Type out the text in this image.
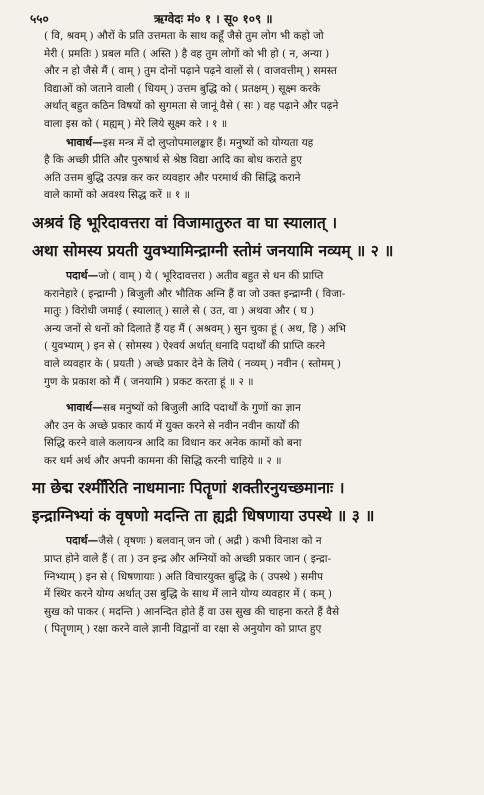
५५०	ऋग्वेदः मं० १ । सू० १०९ ॥

( वि, श्रवम् ) औरों के प्रति उत्तमता के साथ कहूँ जैसे तुम लोग भी कहो जो

मेरी ( प्रमतिः ) प्रबल मति ( अस्ति ) है वह तुम लोगों को भी हो ( न, अन्या )

और न हो जैसे मैं ( वाम् ) तुम दोनों पढ़ाने पढ़ने वालों से ( वाजवत्तीम् ) समस्त

विद्याओं को जताने वाली ( धियम् ) उत्तम बुद्धि को ( प्रतक्षम् ) सूक्ष्म करके

अर्थात् बहुत कठिन विषयों को सुगमता से जानूं वैसे ( सः ) वह पढ़ाने और पढ़ने

वाला इस को ( मह्यम् ) मेरे लिये सूक्ष्म करे । १ ॥

भावार्थ—इस मन्त्र में दो लुप्तोपमालङ्कार हैं। मनुष्यों को योग्यता यह

है कि अच्छी प्रीति और पुरुषार्थ से श्रेष्ठ विद्या आदि का बोध कराते हुए

अति उत्तम बुद्धि उत्पन्न कर कर व्यवहार और परमार्थ की सिद्धि कराने

वाले कामों को अवश्य सिद्ध करें ॥ १ ॥

अश्रवं हि भूरिदावत्तरा वां विजामातुरुत वा घा स्यालात् ।
अथा सोमस्य प्रयती युवभ्यामिन्द्राग्नी स्तोमं जनयामि नव्यम् ॥ २ ॥

पदार्थ—जो ( वाम् ) ये ( भूरिदावत्तरा ) अतीव बहुत से धन की प्राप्ति

करानेहारे ( इन्द्राग्नी ) बिजुली और भौतिक अग्नि हैं वा जो उक्त इन्द्राग्नी ( विजा-

मातुः ) विरोधी जमाई ( स्यालात् ) साले से ( उत, वा ) अथवा और ( घ )

अन्य जनों से धनों को दिलाते हैं यह मैं ( अश्रवम् ) सुन चुका हूं ( अथ, हि ) अभि

( युवभ्याम् ) इन से ( सोमस्य ) ऐश्वर्य अर्थात् धनादि पदार्थों की प्राप्ति करने

वाले व्यवहार के ( प्रयती ) अच्छे प्रकार देने के लिये ( नव्यम् ) नवीन ( स्तोमम् )

गुण के प्रकाश को मैं ( जनयामि ) प्रकट करता हूं ॥ २ ॥

भावार्थ—सब मनुष्यों को बिजुली आदि पदार्थों के गुणों का ज्ञान

और उन के अच्छे प्रकार कार्य में युक्त करने से नवीन नवीन कार्यों की

सिद्धि करने वाले कलायन्त्र आदि का विधान कर अनेक कामों को बना

कर धर्म अर्थ और अपनी कामना की सिद्धि करनी चाहिये ॥ २ ॥

मा छेद्म रश्मीँरिति नाधमानाः पितॄणां शक्तीरनुयच्छमानाः ।
इन्द्राग्निभ्यां कं वृषणो मदन्ति ता ह्यद्री धिषणाया उपस्थे ॥ ३ ॥

पदार्थ—जैसे ( वृषणः ) बलवान् जन जो ( अद्री ) कभी विनाश को न

प्राप्त होने वाले हैं ( ता ) उन इन्द्र और अग्नियों को अच्छी प्रकार जान ( इन्द्रा-

ग्निभ्याम् ) इन से ( धिषणायाः ) अति विचारयुक्त बुद्धि के ( उपस्थे ) समीप

में स्थिर करने योग्य अर्थात् उस बुद्धि के साथ में लाने योग्य व्यवहार में ( कम् )

सुख को पाकर ( मदन्ति ) आनन्दित होते हैं वा उस सुख की चाहना करते हैं वैसे

( पितॄणाम् ) रक्षा करने वाले ज्ञानी विद्वानों वा रक्षा से अनुयोग को प्राप्त हुए
